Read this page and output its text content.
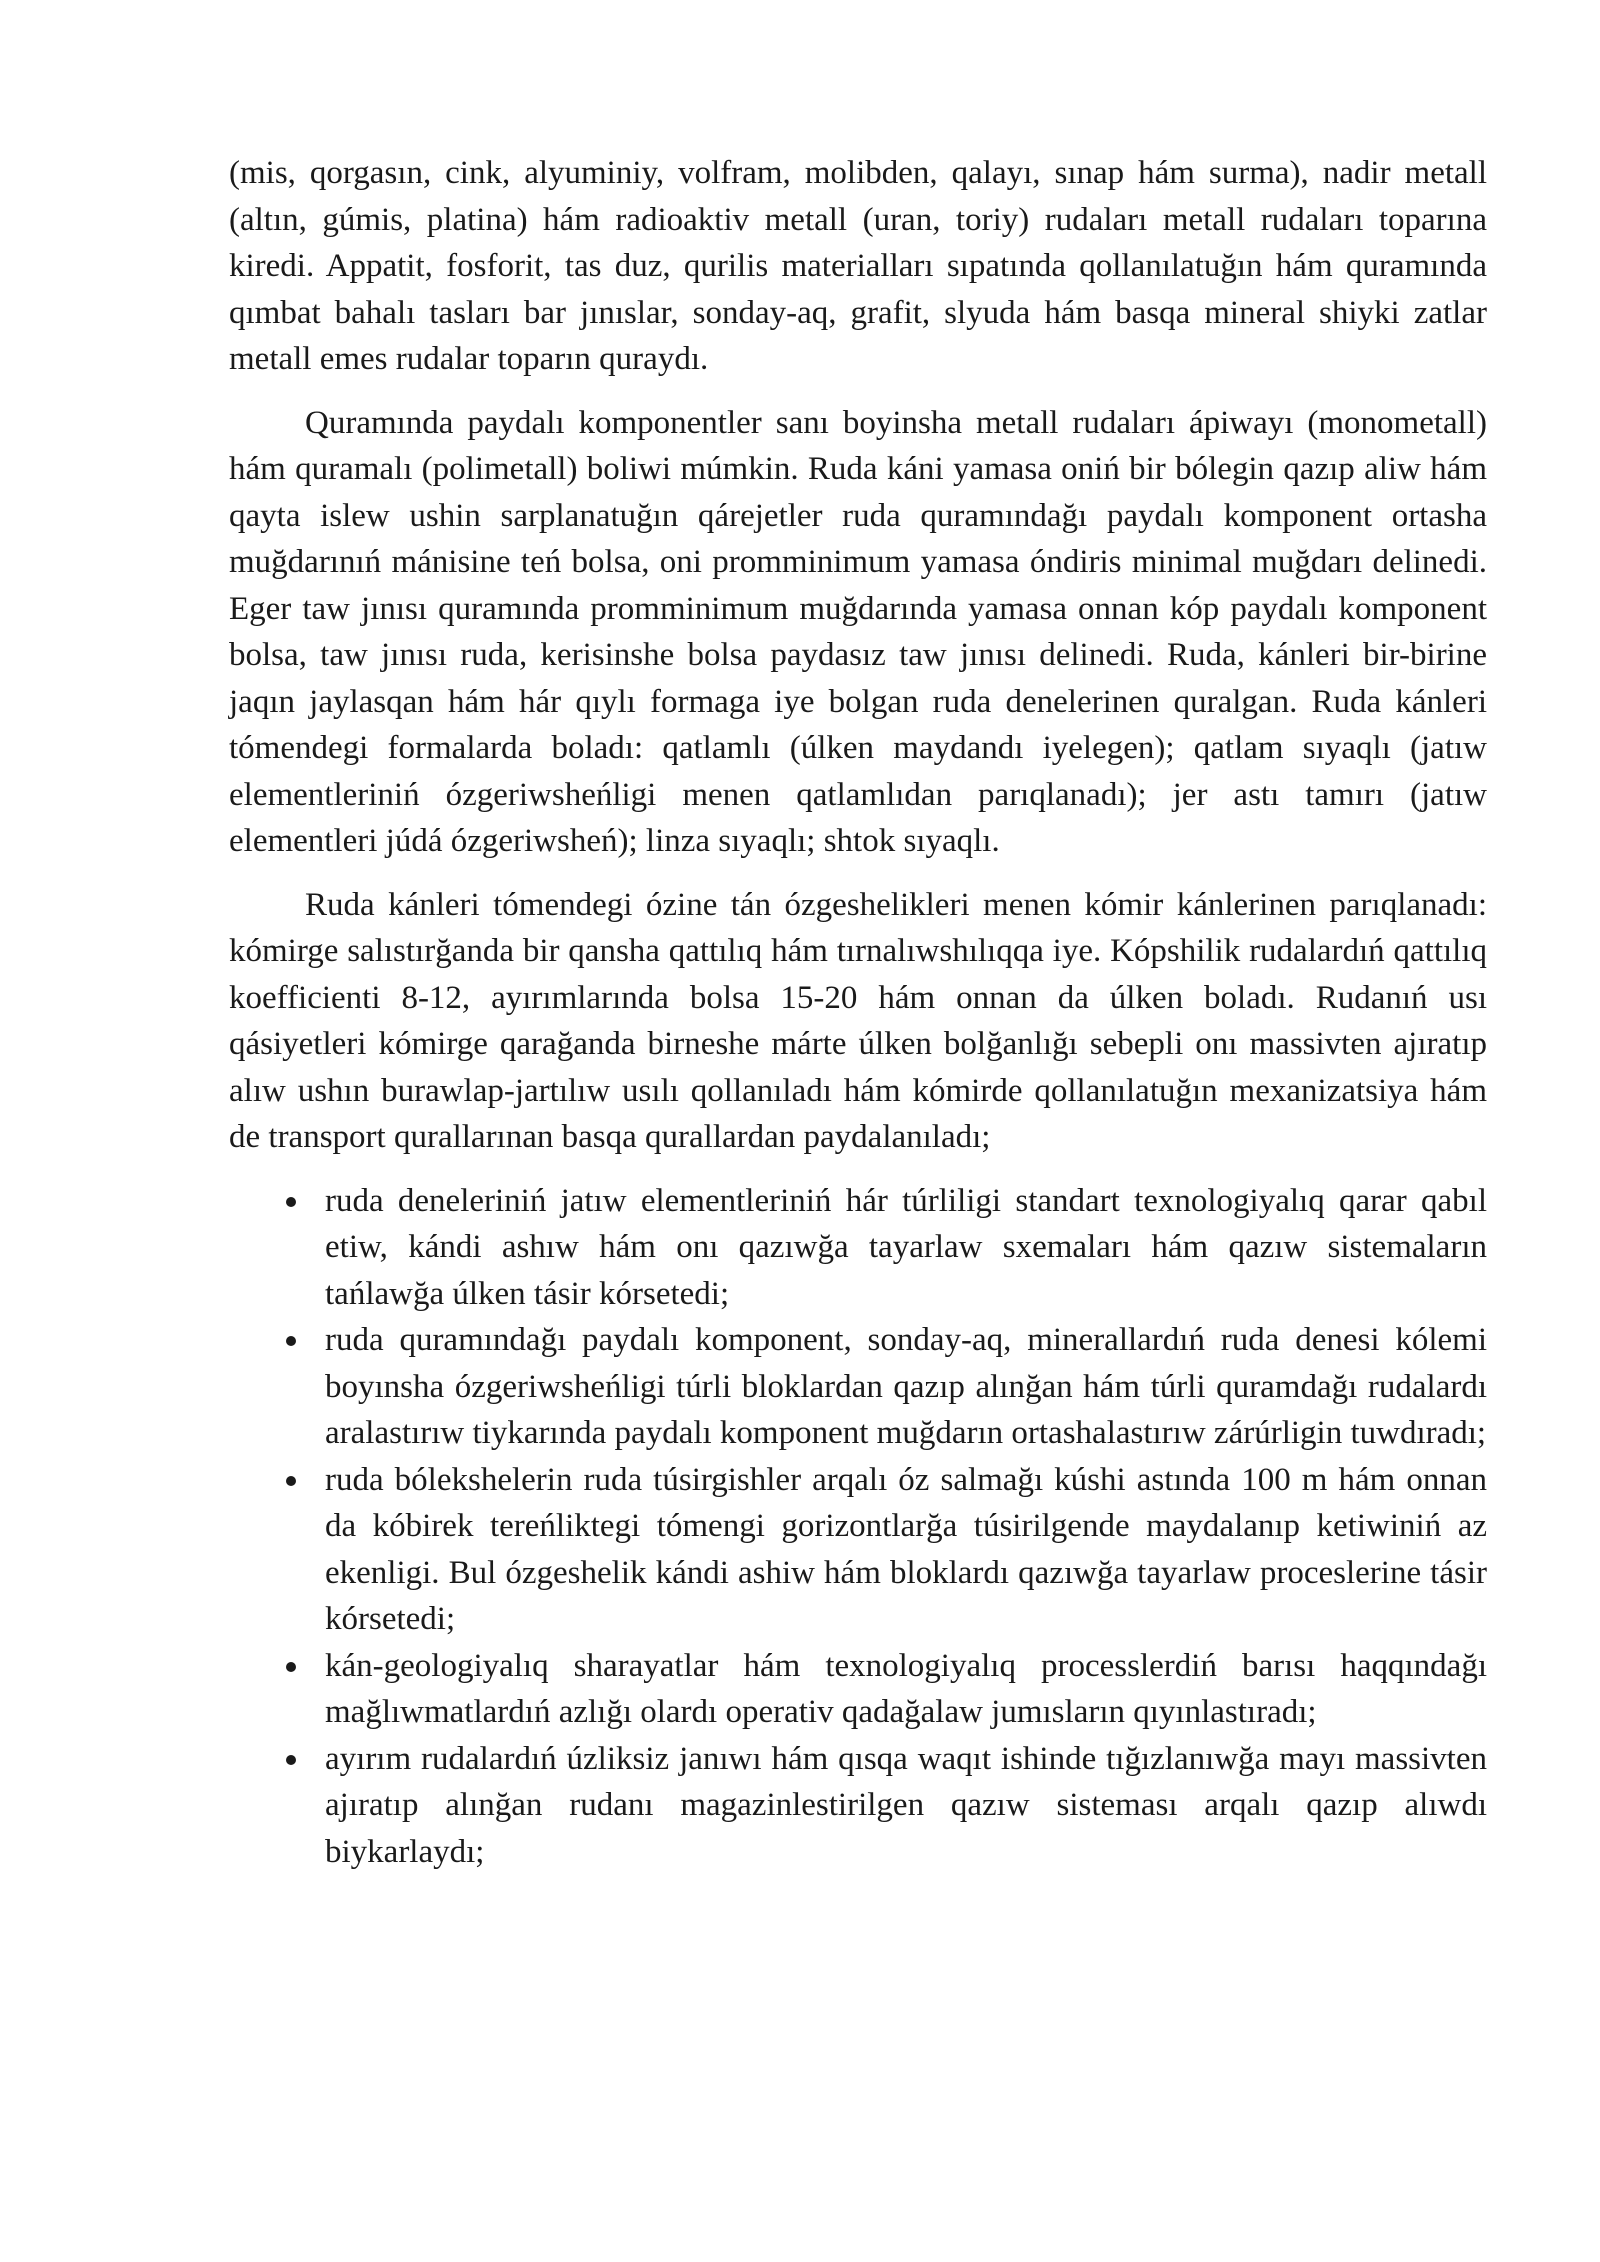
(mis, qorgasın, cink, alyuminiy, volfram, molibden, qalayı, sınap hám surma), nadir metall (altın, gúmis, platina) hám radioaktiv metall (uran, toriy) rudaları metall rudaları toparına kiredi. Appatit, fosforit, tas duz, qurilis materialları sıpatında qollanılatuğın hám quramında qımbat bahalı tasları bar jınıslar, sonday-aq, grafit, slyuda hám basqa mineral shiyki zatlar metall emes rudalar toparın quraydı.

Quramında paydalı komponentler sanı boyinsha metall rudaları ápiwayı (monometall) hám quramalı (polimetall) boliwi múmkin. Ruda káni yamasa oniń bir bólegin qazıp aliw hám qayta islew ushin sarplanatuğın qárejetler ruda quramındağı paydalı komponent ortasha muğdarınıń mánisine teń bolsa, oni promminimum yamasa óndiris minimal muğdarı delinedi. Eger taw jınısı quramında promminimum muğdarında yamasa onnan kóp paydalı komponent bolsa, taw jınısı ruda, kerisinshe bolsa paydasız taw jınısı delinedi. Ruda, kánleri bir-birine jaqın jaylasqan hám hár qıylı formaga iye bolgan ruda denelerinen quralgan. Ruda kánleri tómendegi formalarda boladı: qatlamlı (úlken maydandı iyelegen); qatlam sıyaqlı (jatıw elementleriniń ózgeriwsheńligi menen qatlamlıdan parıqlanadı); jer astı tamırı (jatıw elementleri júdá ózgeriwsheń); linza sıyaqlı; shtok sıyaqlı.

Ruda kánleri tómendegi ózine tán ózgeshelikleri menen kómir kánlerinen parıqlanadı: kómirge salıstırğanda bir qansha qattılıq hám tırnalıwshılıqqa iye. Kópshilik rudalardıń qattılıq koefficienti 8-12, ayırımlarında bolsa 15-20 hám onnan da úlken boladı. Rudanıń usı qásiyetleri kómirge qarağanda birneshe márte úlken bolğanlığı sebepli onı massivten ajıratıp alıw ushın burawlap-jartılıw usılı qollanıladı hám kómirde qollanılatuğın mexanizatsiya hám de transport qurallarınan basqa qurallardan paydalanıladı;

ruda deneleriniń jatıw elementleriniń hár túrliligi standart texnologiyalıq qarar qabıl etiw, kándi ashıw hám onı qazıwğa tayarlaw sxemaları hám qazıw sistemaların tańlawğa úlken tásir kórsetedi;
ruda quramındağı paydalı komponent, sonday-aq, minerallardıń ruda denesi kólemi boyınsha ózgeriwsheńligi túrli bloklardan qazıp alınğan hám túrli quramdağı rudalardı aralastırıw tiykarında paydalı komponent muğdarın ortashalastırıw zárúrligin tuwdıradı;
ruda bólekshelerin ruda túsirgishler arqalı óz salmağı kúshi astında 100 m hám onnan da kóbirek tereńliktegi tómengi gorizontlarğa túsirilgende maydalanıp ketiwiniń az ekenligi. Bul ózgeshelik kándi ashiw hám bloklardı qazıwğa tayarlaw proceslerine tásir kórsetedi;
kán-geologiyalıq sharayatlar hám texnologiyalıq processlerdiń barısı haqqındağı mağlıwmatlardıń azlığı olardı operativ qadağalaw jumısların qıyınlastıradı;
ayırım rudalardıń úzliksiz janıwı hám qısqa waqıt ishinde tığızlanıwğa mayı massivten ajıratıp alınğan rudanı magazinlestirilgen qazıw sisteması arqalı qazıp alıwdı biykarlaydı;
